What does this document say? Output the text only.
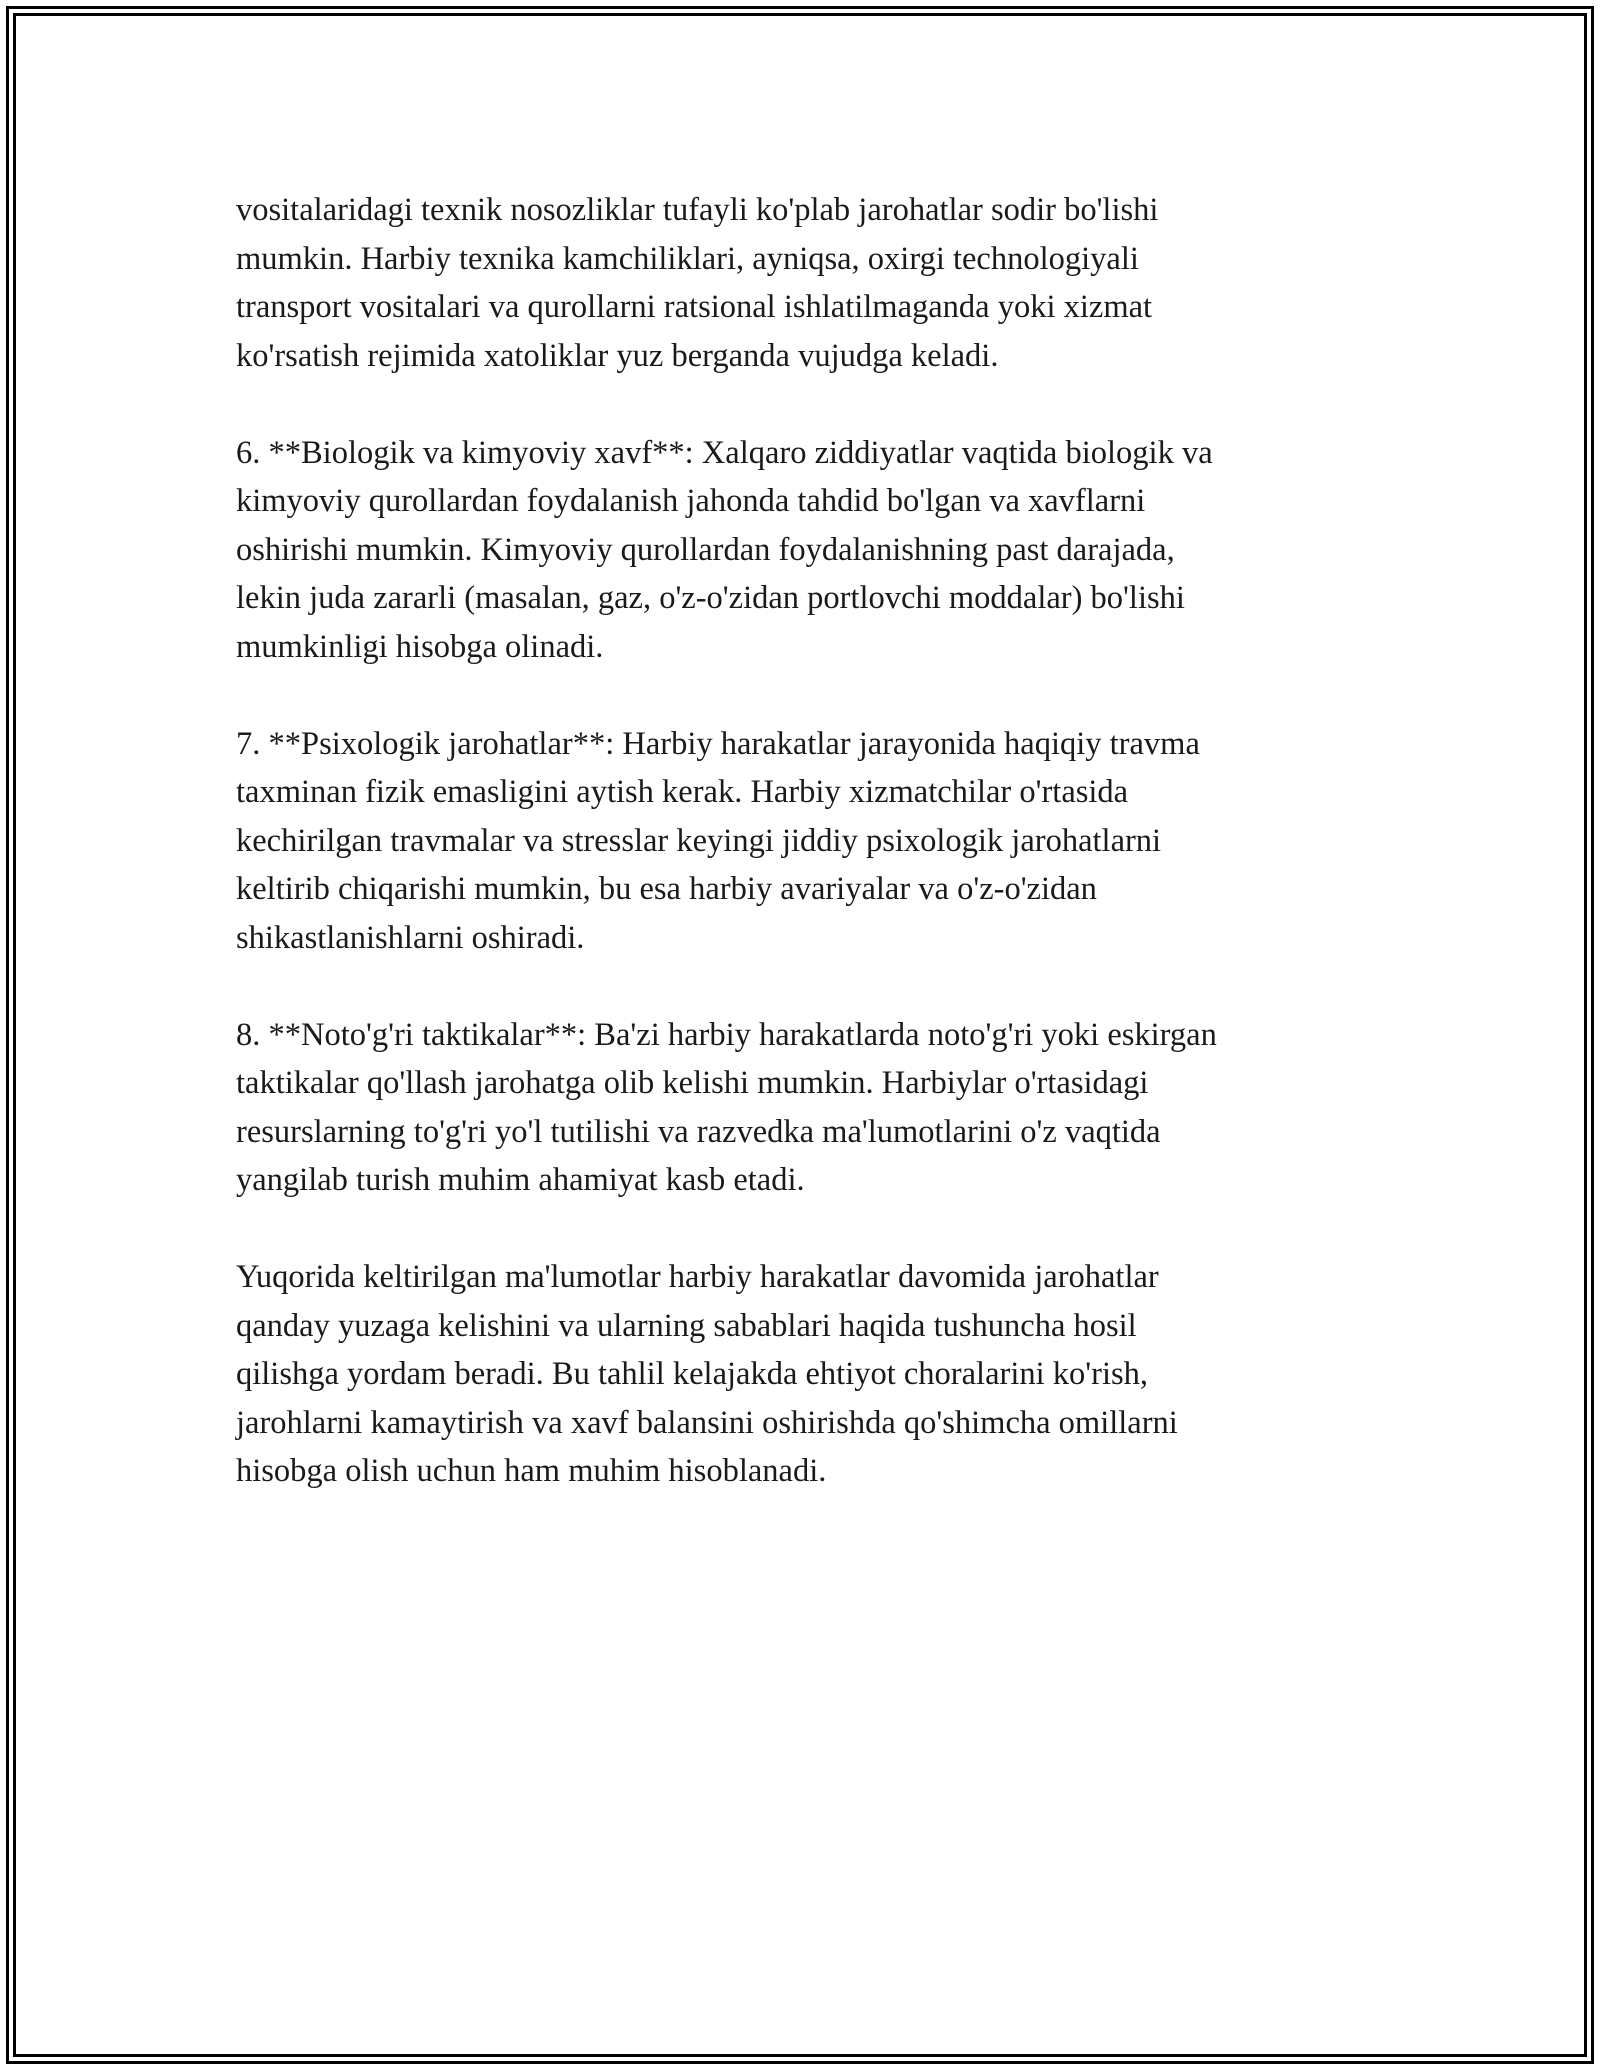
vositalaridagi texnik nosozliklar tufayli ko'plab jarohatlar sodir bo'lishi
mumkin. Harbiy texnika kamchiliklari, ayniqsa, oxirgi technologiyali
transport vositalari va qurollarni ratsional ishlatilmaganda yoki xizmat
ko'rsatish rejimida xatoliklar yuz berganda vujudga keladi.
6. **Biologik va kimyoviy xavf**: Xalqaro ziddiyatlar vaqtida biologik va
kimyoviy qurollardan foydalanish jahonda tahdid bo'lgan va xavflarni
oshirishi mumkin. Kimyoviy qurollardan foydalanishning past darajada,
lekin juda zararli (masalan, gaz, o'z-o'zidan portlovchi moddalar) bo'lishi
mumkinligi hisobga olinadi.
7. **Psixologik jarohatlar**: Harbiy harakatlar jarayonida haqiqiy travma
taxminan fizik emasligini aytish kerak. Harbiy xizmatchilar o'rtasida
kechirilgan travmalar va stresslar keyingi jiddiy psixologik jarohatlarni
keltirib chiqarishi mumkin, bu esa harbiy avariyalar va o'z-o'zidan
shikastlanishlarni oshiradi.
8. **Noto'g'ri taktikalar**: Ba'zi harbiy harakatlarda noto'g'ri yoki eskirgan
taktikalar qo'llash jarohatga olib kelishi mumkin. Harbiylar o'rtasidagi
resurslarning to'g'ri yo'l tutilishi va razvedka ma'lumotlarini o'z vaqtida
yangilab turish muhim ahamiyat kasb etadi.
Yuqorida keltirilgan ma'lumotlar harbiy harakatlar davomida jarohatlar
qanday yuzaga kelishini va ularning sabablari haqida tushuncha hosil
qilishga yordam beradi. Bu tahlil kelajakda ehtiyot choralarini ko'rish,
jarohlarni kamaytirish va xavf balansini oshirishda qo'shimcha omillarni
hisobga olish uchun ham muhim hisoblanadi.
